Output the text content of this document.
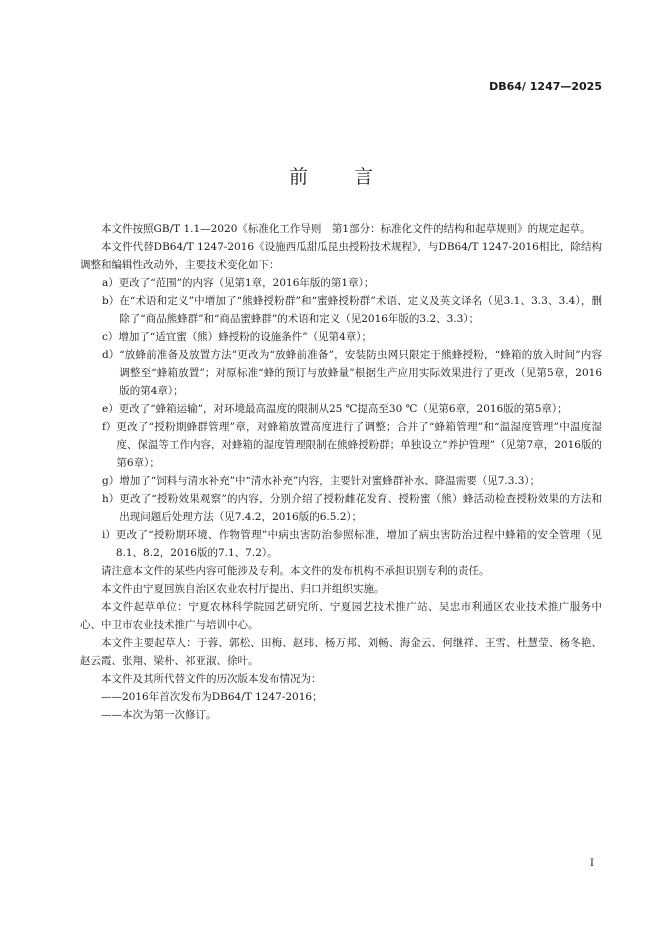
DB64/ 1247—2025
前 言

本文件按照GB/T 1.1—2020《标准化工作导则　第1部分：标准化文件的结构和起草规则》的规定起草。

本文件代替DB64/T 1247-2016《设施西瓜甜瓜昆虫授粉技术规程》，与DB64/T 1247-2016相比，除结构调整和编辑性改动外，主要技术变化如下：

a） 更改了“范围”的内容（见第1章，2016年版的第1章）；
b） 在“术语和定义”中增加了“熊蜂授粉群”和“蜜蜂授粉群”术语、定义及英文译名（见3.1、3.3、3.4），删除了“商品熊蜂群”和“商品蜜蜂群”的术语和定义（见2016年版的3.2、3.3）；
c） 增加了“适宜蜜（熊）蜂授粉的设施条件”（见第4章）；
d） “放蜂前准备及放置方法”更改为“放蜂前准备”，安装防虫网只限定于熊蜂授粉，“蜂箱的放入时间”内容调整至“蜂箱放置”；对原标准“蜂的预订与放蜂量”根据生产应用实际效果进行了更改（见第5章，2016版的第4章）；
e） 更改了“蜂箱运输”，对环境最高温度的限制从25 ℃提高至30 ℃（见第6章，2016版的第5章）；
f） 更改了“授粉期蜂群管理”章，对蜂箱放置高度进行了调整；合并了“蜂箱管理”和“温湿度管理”中温度湿度、保温等工作内容，对蜂箱的湿度管理限制在熊蜂授粉群；单独设立“养护管理”（见第7章，2016版的第6章）；
g） 增加了“饲料与清水补充”中“清水补充”内容，主要针对蜜蜂群补水、降温需要（见7.3.3）；
h） 更改了“授粉效果观察”的内容，分别介绍了授粉雌花发育、授粉蜜（熊）蜂活动检查授粉效果的方法和出现问题后处理方法（见7.4.2，2016版的6.5.2）；
i） 更改了“授粉期环境、作物管理”中病虫害防治参照标准，增加了病虫害防治过程中蜂箱的安全管理（见8.1、8.2，2016版的7.1、7.2）。

请注意本文件的某些内容可能涉及专利。本文件的发布机构不承担识别专利的责任。

本文件由宁夏回族自治区农业农村厅提出、归口并组织实施。

本文件起草单位：宁夏农林科学院园艺研究所、宁夏园艺技术推广站、吴忠市利通区农业技术推广服务中心、中卫市农业技术推广与培训中心。

本文件主要起草人：于蓉、郭松、田梅、赵玮、杨万邦、刘畅、海金云、何继祥、王雪、杜慧莹、杨冬艳、赵云霞、张翔、梁朴、祁亚淑、徐叶。

本文件及其所代替文件的历次版本发布情况为：

——2016年首次发布为DB64/T 1247-2016；

——本次为第一次修订。

I
